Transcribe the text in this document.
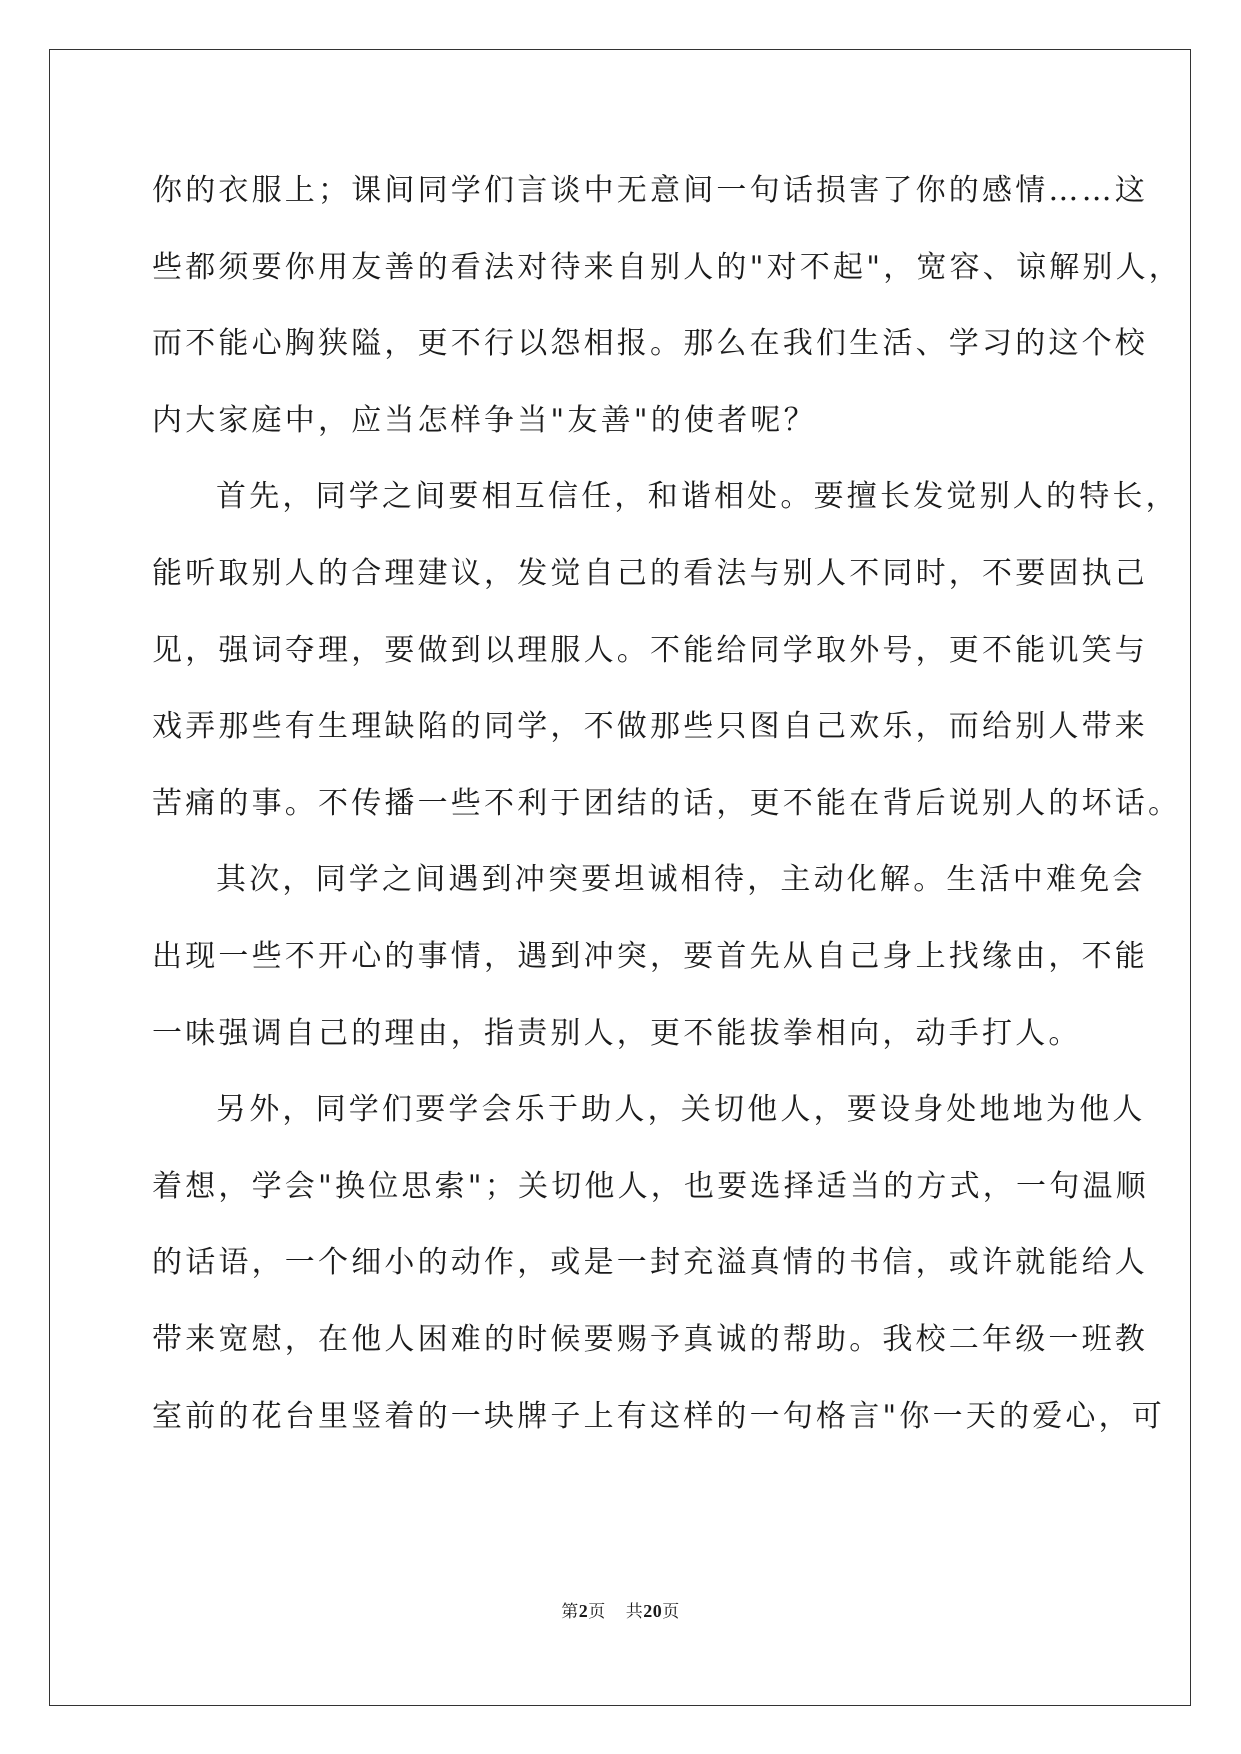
你的衣服上；课间同学们言谈中无意间一句话损害了你的感情……这
些都须要你用友善的看法对待来自别人的"对不起"，宽容、谅解别人，
而不能心胸狭隘，更不行以怨相报。那么在我们生活、学习的这个校
内大家庭中，应当怎样争当"友善"的使者呢？
首先，同学之间要相互信任，和谐相处。要擅长发觉别人的特长，
能听取别人的合理建议，发觉自己的看法与别人不同时，不要固执己
见，强词夺理，要做到以理服人。不能给同学取外号，更不能讥笑与
戏弄那些有生理缺陷的同学，不做那些只图自己欢乐，而给别人带来
苦痛的事。不传播一些不利于团结的话，更不能在背后说别人的坏话。
其次，同学之间遇到冲突要坦诚相待，主动化解。生活中难免会
出现一些不开心的事情，遇到冲突，要首先从自己身上找缘由，不能
一味强调自己的理由，指责别人，更不能拔拳相向，动手打人。
另外，同学们要学会乐于助人，关切他人，要设身处地地为他人
着想，学会"换位思索"；关切他人，也要选择适当的方式，一句温顺
的话语，一个细小的动作，或是一封充溢真情的书信，或许就能给人
带来宽慰，在他人困难的时候要赐予真诚的帮助。我校二年级一班教
室前的花台里竖着的一块牌子上有这样的一句格言"你一天的爱心，可
第2页 共20页
